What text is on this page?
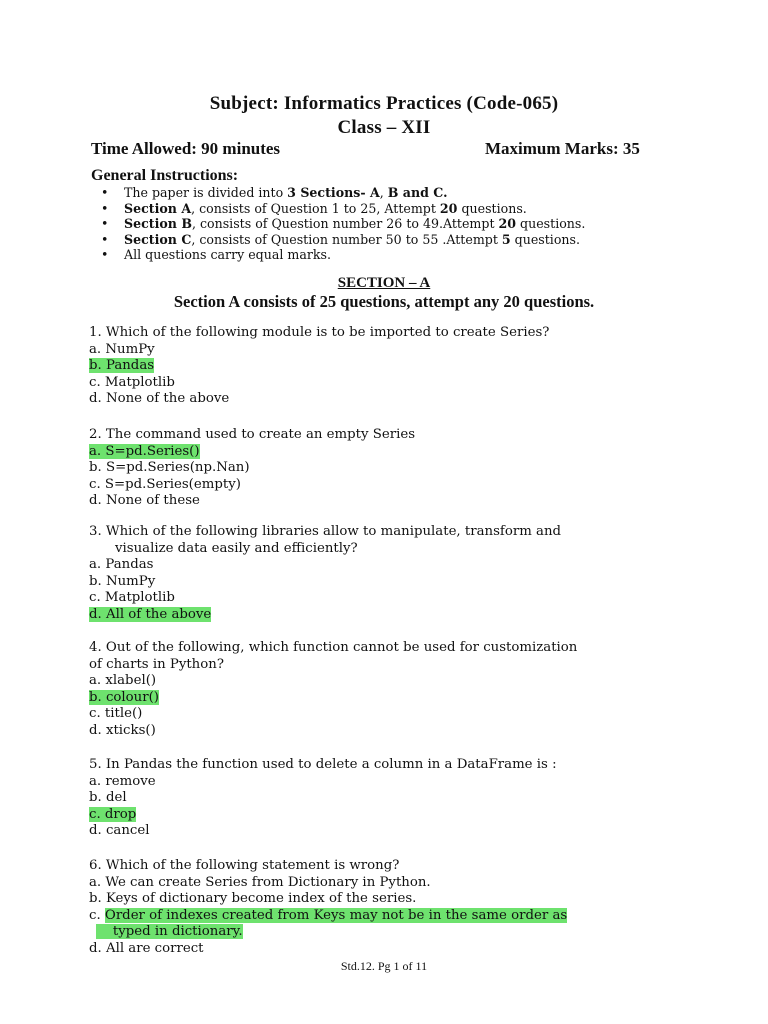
Subject: Informatics Practices (Code-065)
Class – XII
Time Allowed: 90 minutes	Maximum Marks: 35
General Instructions:
• The paper is divided into 3 Sections- A, B and C.
• Section A, consists of Question 1 to 25, Attempt 20 questions.
• Section B, consists of Question number 26 to 49.Attempt 20 questions.
• Section C, consists of Question number 50 to 55 .Attempt 5 questions.
• All questions carry equal marks.
SECTION – A
Section A consists of 25 questions, attempt any 20 questions.
1. Which of the following module is to be imported to create Series?
a. NumPy
b. Pandas
c. Matplotlib
d. None of the above
2. The command used to create an empty Series
a. S=pd.Series()
b. S=pd.Series(np.Nan)
c. S=pd.Series(empty)
d. None of these
3. Which of the following libraries allow to manipulate, transform and
visualize data easily and efficiently?
a. Pandas
b. NumPy
c. Matplotlib
d. All of the above
4. Out of the following, which function cannot be used for customization
of charts in Python?
a. xlabel()
b. colour()
c. title()
d. xticks()
5. In Pandas the function used to delete a column in a DataFrame is :
a. remove
b. del
c. drop
d. cancel
6. Which of the following statement is wrong?
a. We can create Series from Dictionary in Python.
b. Keys of dictionary become index of the series.
c. Order of indexes created from Keys may not be in the same order as
typed in dictionary.
d. All are correct
Std.12. Pg 1 of 11
